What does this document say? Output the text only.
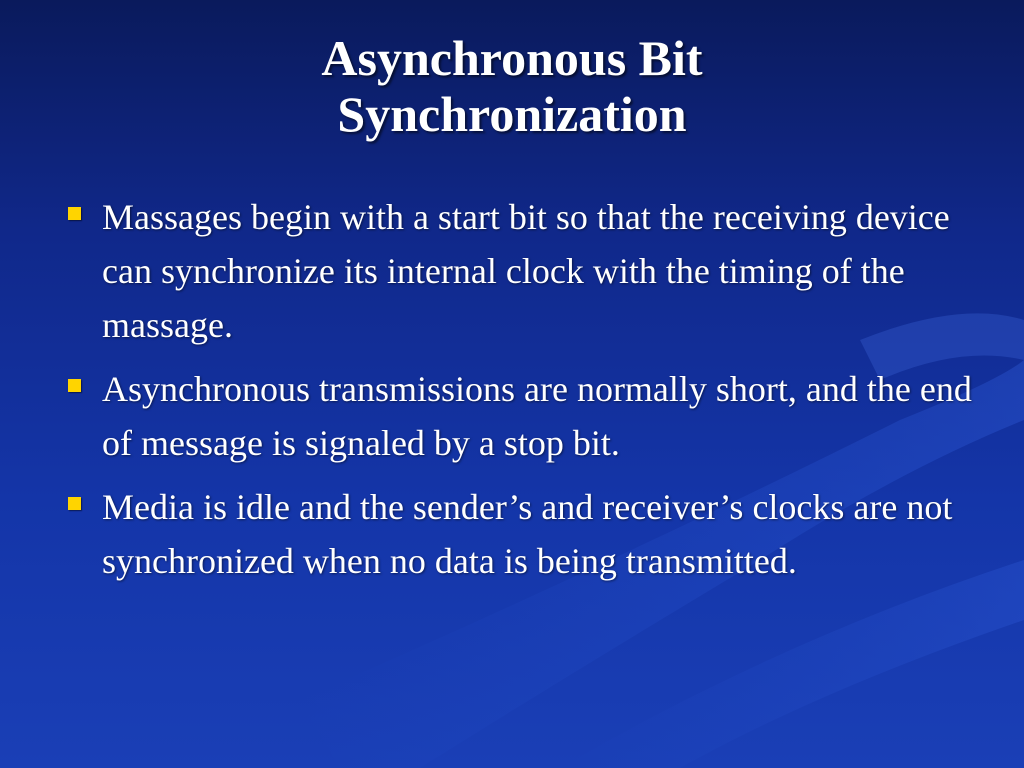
Asynchronous Bit
Synchronization
Massages begin with a start bit so that the receiving device can synchronize its internal clock with the timing of the massage.
Asynchronous transmissions are normally short, and the end of message is signaled by a stop bit.
Media is idle and the sender’s and receiver’s clocks are not synchronized when no data is being transmitted.
